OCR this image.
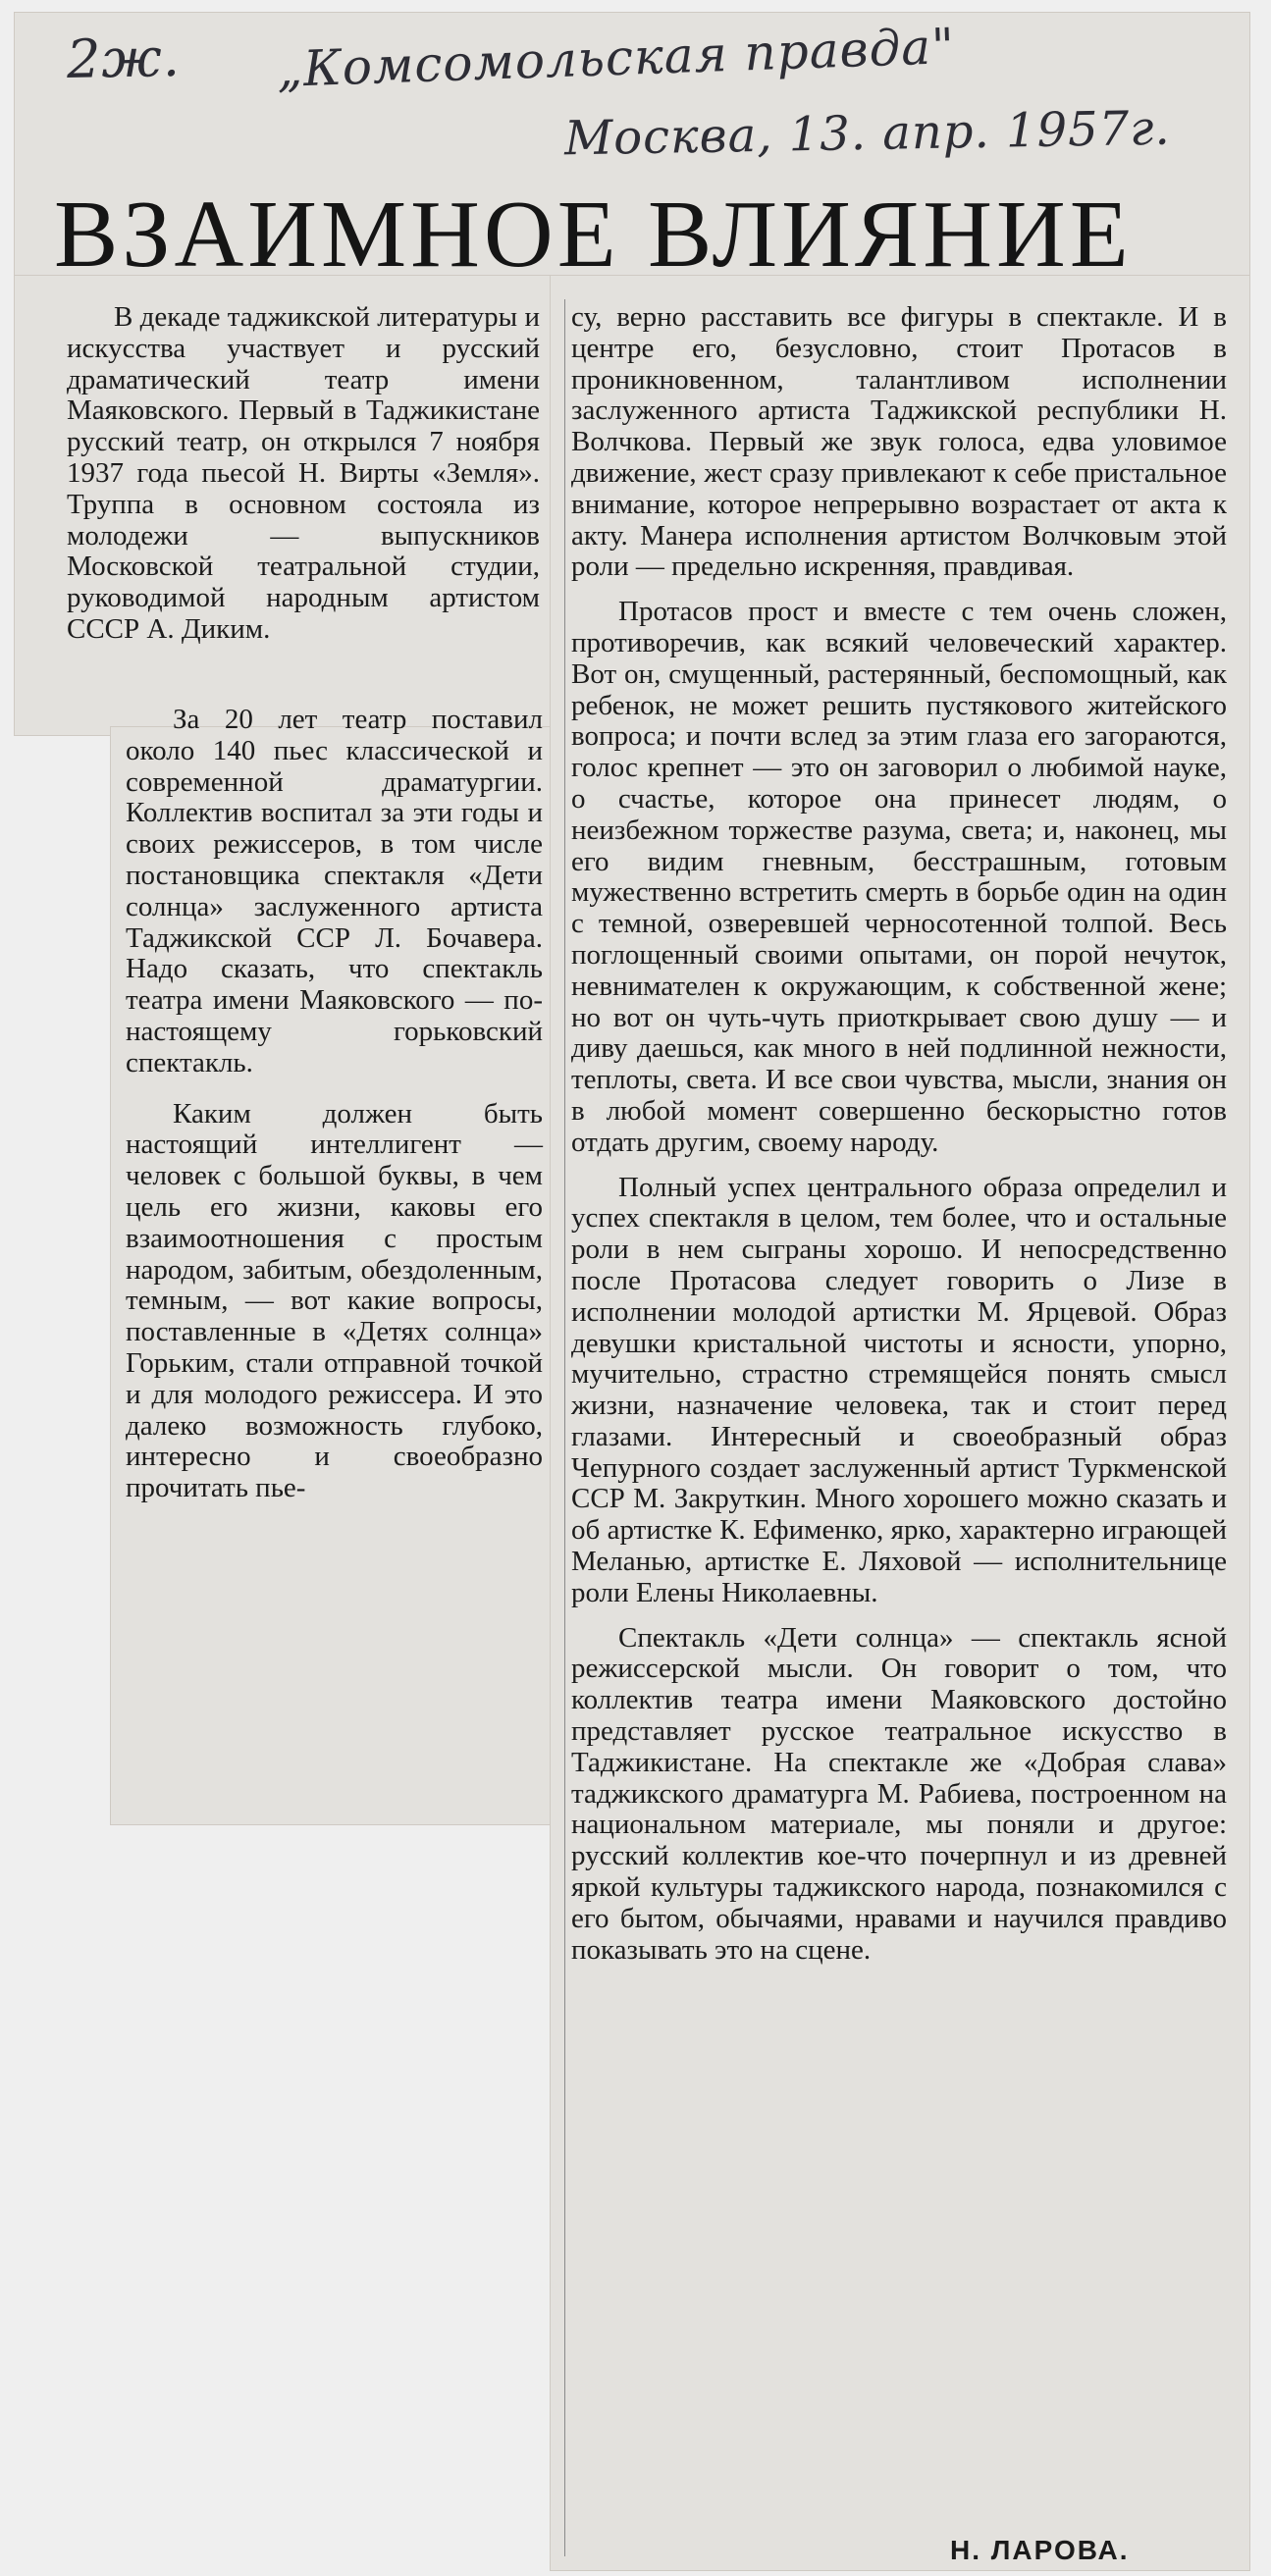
2ж. „Комсомольская правда"
Москва, 13. апр. 1957г.
ВЗАИМНОЕ ВЛИЯНИЕ

В декаде таджикской литературы и искусства участвует и русский драматический театр имени Маяковского. Первый в Таджикистане русский театр, он открылся 7 ноября 1937 года пьесой Н. Вирты «Земля». Труппа в основном состояла из молодежи — выпускников Московской театральной студии, руководимой народным артистом СССР А. Диким.

За 20 лет театр поставил около 140 пьес классической и современной драматургии. Коллектив воспитал за эти годы и своих режиссеров, в том числе постановщика спектакля «Дети солнца» заслуженного артиста Таджикской ССР Л. Бочавера. Надо сказать, что спектакль театра имени Маяковского — по-настоящему горьковский спектакль.

Каким должен быть настоящий интеллигент — человек с большой буквы, в чем цель его жизни, каковы его взаимоотношения с простым народом, забитым, обездоленным, темным, — вот какие вопросы, поставленные в «Детях солнца» Горьким, стали отправной точкой и для молодого режиссера. И это далеко возможность глубоко, интересно и своеобразно прочитать пье-

су, верно расставить все фигуры в спектакле. И в центре его, безусловно, стоит Протасов в проникновенном, талантливом исполнении заслуженного артиста Таджикской республики Н. Волчкова. Первый же звук голоса, едва уловимое движение, жест сразу привлекают к себе пристальное внимание, которое непрерывно возрастает от акта к акту. Манера исполнения артистом Волчковым этой роли — предельно искренняя, правдивая.

Протасов прост и вместе с тем очень сложен, противоречив, как всякий человеческий характер. Вот он, смущенный, растерянный, беспомощный, как ребенок, не может решить пустякового житейского вопроса; и почти вслед за этим глаза его загораются, голос крепнет — это он заговорил о любимой науке, о счастье, которое она принесет людям, о неизбежном торжестве разума, света; и, наконец, мы его видим гневным, бесстрашным, готовым мужественно встретить смерть в борьбе один на один с темной, озверевшей черносотенной толпой. Весь поглощенный своими опытами, он порой нечуток, невнимателен к окружающим, к собственной жене; но вот он чуть-чуть приоткрывает свою душу — и диву даешься, как много в ней подлинной нежности, теплоты, света. И все свои чувства, мысли, знания он в любой момент совершенно бескорыстно готов отдать другим, своему народу.

Полный успех центрального образа определил и успех спектакля в целом, тем более, что и остальные роли в нем сыграны хорошо. И непосредственно после Протасова следует говорить о Лизе в исполнении молодой артистки М. Ярцевой. Образ девушки кристальной чистоты и ясности, упорно, мучительно, страстно стремящейся понять смысл жизни, назначение человека, так и стоит перед глазами. Интересный и своеобразный образ Чепурного создает заслуженный артист Туркменской ССР М. Закруткин. Много хорошего можно сказать и об артистке К. Ефименко, ярко, характерно играющей Меланью, артистке Е. Ляховой — исполнительнице роли Елены Николаевны.

Спектакль «Дети солнца» — спектакль ясной режиссерской мысли. Он говорит о том, что коллектив театра имени Маяковского достойно представляет русское театральное искусство в Таджикистане. На спектакле же «Добрая слава» таджикского драматурга М. Рабиева, построенном на национальном материале, мы поняли и другое: русский коллектив кое-что почерпнул и из древней яркой культуры таджикского народа, познакомился с его бытом, обычаями, нравами и научился правдиво показывать это на сцене.

Н. ЛАРОВА.
